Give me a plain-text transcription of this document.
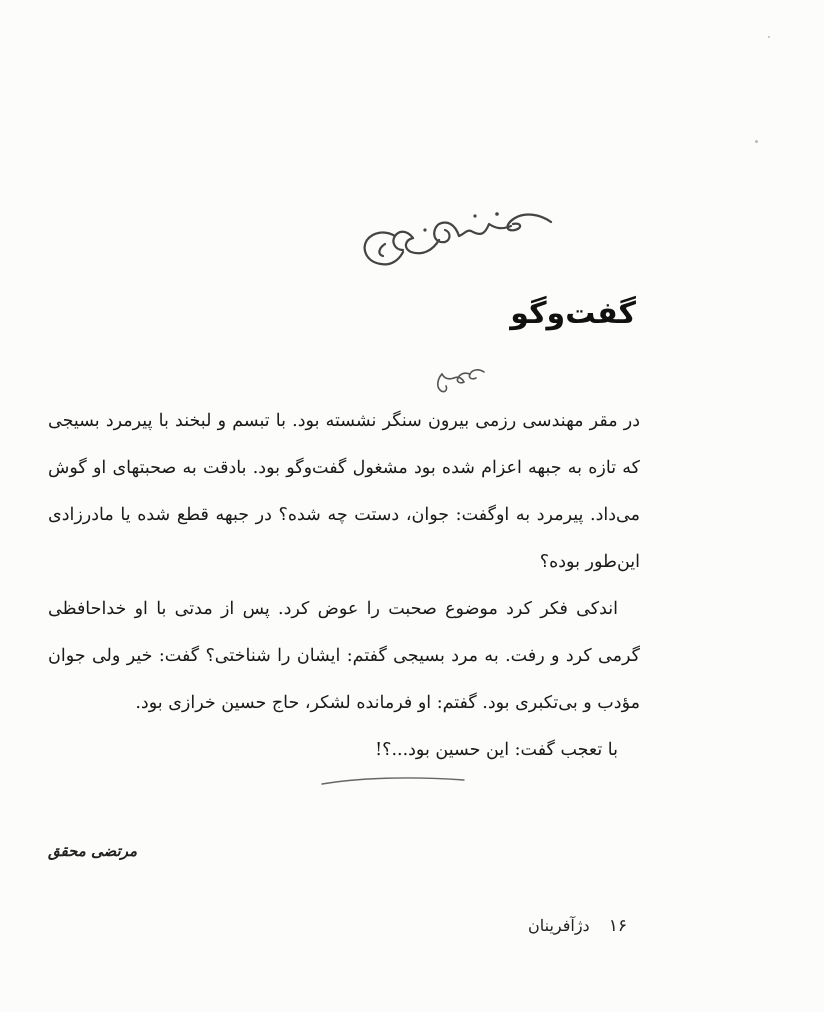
گفت‌وگو

در مقر مهندسی رزمی بیرون سنگر نشسته بود. با تبسم و لبخند با پیرمرد بسیجی که تازه به جبهه اعزام شده بود مشغول گفت‌وگو بود. بادقت به صحبتهای او گوش می‌داد. پیرمرد به اوگفت: جوان، دستت چه شده؟ در جبهه قطع شده یا مادرزادی این‌طور بوده؟

اندکی فکر کرد موضوع صحبت را عوض کرد. پس از مدتی با او خداحافظی گرمی کرد و رفت. به مرد بسیجی گفتم: ایشان را شناختی؟ گفت: خیر ولی جوان مؤدب و بی‌تکبری بود. گفتم: او فرمانده لشکر، حاج حسین خرازی بود.

با تعجب گفت: این حسین بود...؟!

مرتضی محقق
۱۶ دژآفرینان
